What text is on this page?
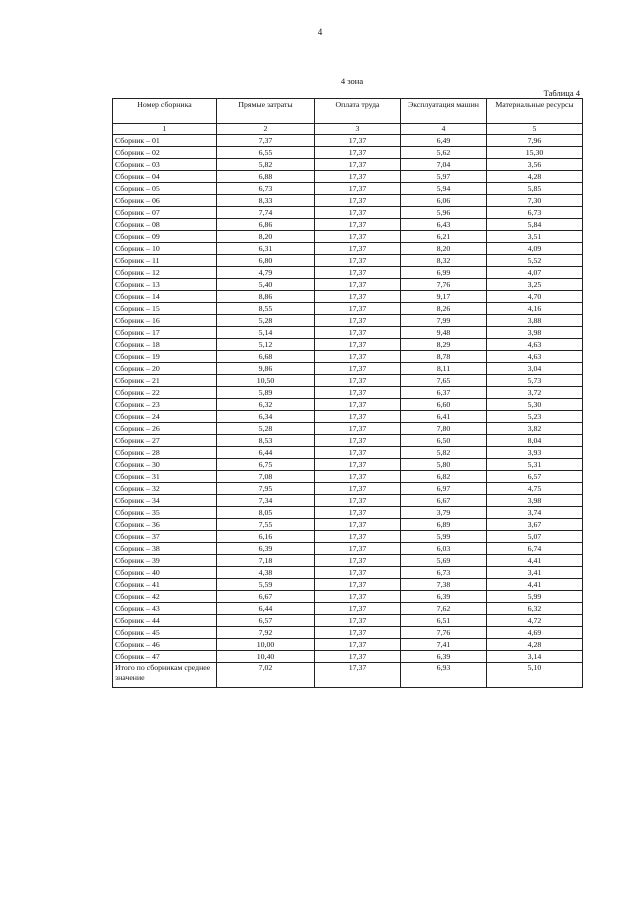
4
4 зона
Таблица 4
Номер сборника	Прямые затраты	Оплата труда	Эксплуатация машин	Материальные ресурсы
1	2	3	4	5
Сборник – 01	7,37	17,37	6,49	7,96
Сборник – 02	6,55	17,37	5,62	15,30
Сборник – 03	5,82	17,37	7,04	3,56
Сборник – 04	6,88	17,37	5,97	4,28
Сборник – 05	6,73	17,37	5,94	5,85
Сборник – 06	8,33	17,37	6,06	7,30
Сборник – 07	7,74	17,37	5,96	6,73
Сборник – 08	6,86	17,37	6,43	5,84
Сборник – 09	8,20	17,37	6,21	3,51
Сборник – 10	6,31	17,37	8,20	4,09
Сборник – 11	6,80	17,37	8,32	5,52
Сборник – 12	4,79	17,37	6,99	4,07
Сборник – 13	5,40	17,37	7,76	3,25
Сборник – 14	8,86	17,37	9,17	4,70
Сборник – 15	8,55	17,37	8,26	4,16
Сборник – 16	5,28	17,37	7,99	3,88
Сборник – 17	5,14	17,37	9,48	3,98
Сборник – 18	5,12	17,37	8,29	4,63
Сборник – 19	6,68	17,37	8,78	4,63
Сборник – 20	9,86	17,37	8,11	3,04
Сборник – 21	10,50	17,37	7,65	5,73
Сборник – 22	5,89	17,37	6,37	3,72
Сборник – 23	6,32	17,37	6,60	5,30
Сборник – 24	6,34	17,37	6,41	5,23
Сборник – 26	5,28	17,37	7,80	3,82
Сборник – 27	8,53	17,37	6,50	8,04
Сборник – 28	6,44	17,37	5,82	3,93
Сборник – 30	6,75	17,37	5,80	5,31
Сборник – 31	7,08	17,37	6,82	6,57
Сборник – 32	7,95	17,37	6,97	4,75
Сборник – 34	7,34	17,37	6,67	3,98
Сборник – 35	8,05	17,37	3,79	3,74
Сборник – 36	7,55	17,37	6,89	3,67
Сборник – 37	6,16	17,37	5,99	5,07
Сборник – 38	6,39	17,37	6,03	6,74
Сборник – 39	7,18	17,37	5,69	4,41
Сборник – 40	4,38	17,37	6,73	3,41
Сборник – 41	5,59	17,37	7,38	4,41
Сборник – 42	6,67	17,37	6,39	5,99
Сборник – 43	6,44	17,37	7,62	6,32
Сборник – 44	6,57	17,37	6,51	4,72
Сборник – 45	7,92	17,37	7,76	4,69
Сборник – 46	10,00	17,37	7,41	4,28
Сборник – 47	10,40	17,37	6,39	3,14
Итого по сборникам среднее значение	7,02	17,37	6,93	5,10
